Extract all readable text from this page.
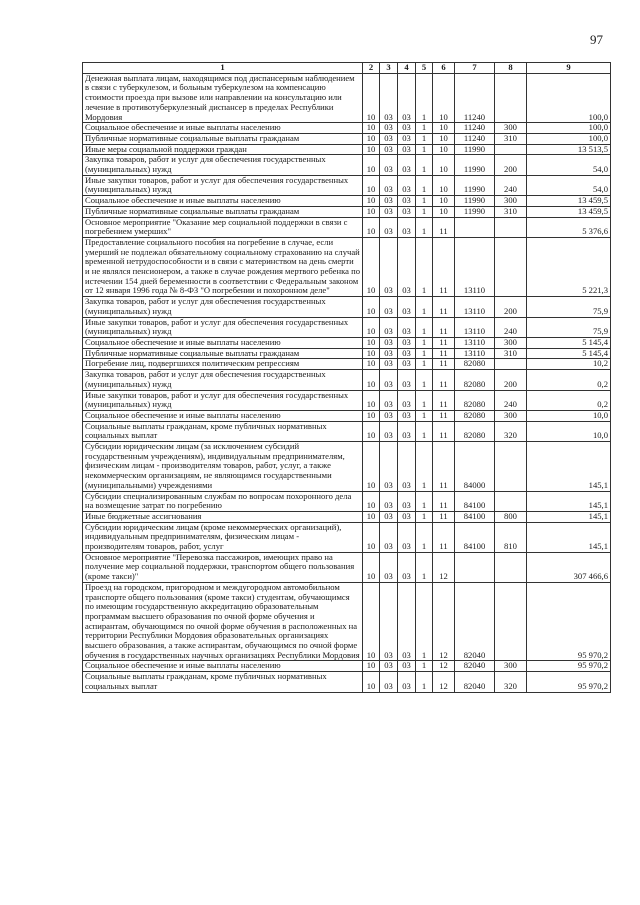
97
1	2	3	4	5	6	7	8	9
Денежная выплата лицам, находящимся под диспансерным наблюдением в связи с туберкулезом, и больным туберкулезом на компенсацию стоимости проезда при вызове или направлении на консультацию или лечение в противотуберкулезный диспансер в пределах Республики Мордовия	10	03	03	1	10	11240		100,0
Социальное обеспечение и иные выплаты населению	10	03	03	1	10	11240	300	100,0
Публичные нормативные социальные выплаты гражданам	10	03	03	1	10	11240	310	100,0
Иные меры социальной поддержки граждан	10	03	03	1	10	11990		13 513,5
Закупка товаров, работ и услуг для обеспечения государственных (муниципальных) нужд	10	03	03	1	10	11990	200	54,0
Иные закупки товаров, работ и услуг для обеспечения государственных (муниципальных) нужд	10	03	03	1	10	11990	240	54,0
Социальное обеспечение и иные выплаты населению	10	03	03	1	10	11990	300	13 459,5
Публичные нормативные социальные выплаты гражданам	10	03	03	1	10	11990	310	13 459,5
Основное мероприятие "Оказание мер социальной поддержки в связи с погребением умерших"	10	03	03	1	11			5 376,6
Предоставление социального пособия на погребение в случае, если умерший не подлежал обязательному социальному страхованию на случай временной нетрудоспособности и в связи с материнством на день смерти и не являлся пенсионером, а также в случае рождения мертвого ребенка по истечении 154 дней беременности в соответствии с Федеральным законом от 12 января 1996 года № 8-ФЗ "О погребении и похоронном деле"	10	03	03	1	11	13110		5 221,3
Закупка товаров, работ и услуг для обеспечения государственных (муниципальных) нужд	10	03	03	1	11	13110	200	75,9
Иные закупки товаров, работ и услуг для обеспечения государственных (муниципальных) нужд	10	03	03	1	11	13110	240	75,9
Социальное обеспечение и иные выплаты населению	10	03	03	1	11	13110	300	5 145,4
Публичные нормативные социальные выплаты гражданам	10	03	03	1	11	13110	310	5 145,4
Погребение лиц, подвергшихся политическим репрессиям	10	03	03	1	11	82080		10,2
Закупка товаров, работ и услуг для обеспечения государственных (муниципальных) нужд	10	03	03	1	11	82080	200	0,2
Иные закупки товаров, работ и услуг для обеспечения государственных (муниципальных) нужд	10	03	03	1	11	82080	240	0,2
Социальное обеспечение и иные выплаты населению	10	03	03	1	11	82080	300	10,0
Социальные выплаты гражданам, кроме публичных нормативных социальных выплат	10	03	03	1	11	82080	320	10,0
Субсидии юридическим лицам (за исключением субсидий государственным учреждениям), индивидуальным предпринимателям, физическим лицам - производителям товаров, работ, услуг, а также некоммерческим организациям, не являющимся государственными (муниципальными) учреждениями	10	03	03	1	11	84000		145,1
Субсидии специализированным службам по вопросам похоронного дела на возмещение затрат по погребению	10	03	03	1	11	84100		145,1
Иные бюджетные ассигнования	10	03	03	1	11	84100	800	145,1
Субсидии юридическим лицам (кроме некоммерческих организаций), индивидуальным предпринимателям, физическим лицам - производителям товаров, работ, услуг	10	03	03	1	11	84100	810	145,1
Основное мероприятие "Перевозка пассажиров, имеющих право на получение мер социальной поддержки, транспортом общего пользования (кроме такси)"	10	03	03	1	12			307 466,6
Проезд на городском, пригородном и междугородном автомобильном транспорте общего пользования (кроме такси) студентам, обучающимся по имеющим государственную аккредитацию образовательным программам высшего образования по очной форме обучения и аспирантам, обучающимся по очной форме обучения в расположенных на территории Республики Мордовия образовательных организациях высшего образования, а также аспирантам, обучающимся по очной форме обучения в государственных научных организациях Республики Мордовия	10	03	03	1	12	82040		95 970,2
Социальное обеспечение и иные выплаты населению	10	03	03	1	12	82040	300	95 970,2
Социальные выплаты гражданам, кроме публичных нормативных социальных выплат	10	03	03	1	12	82040	320	95 970,2
